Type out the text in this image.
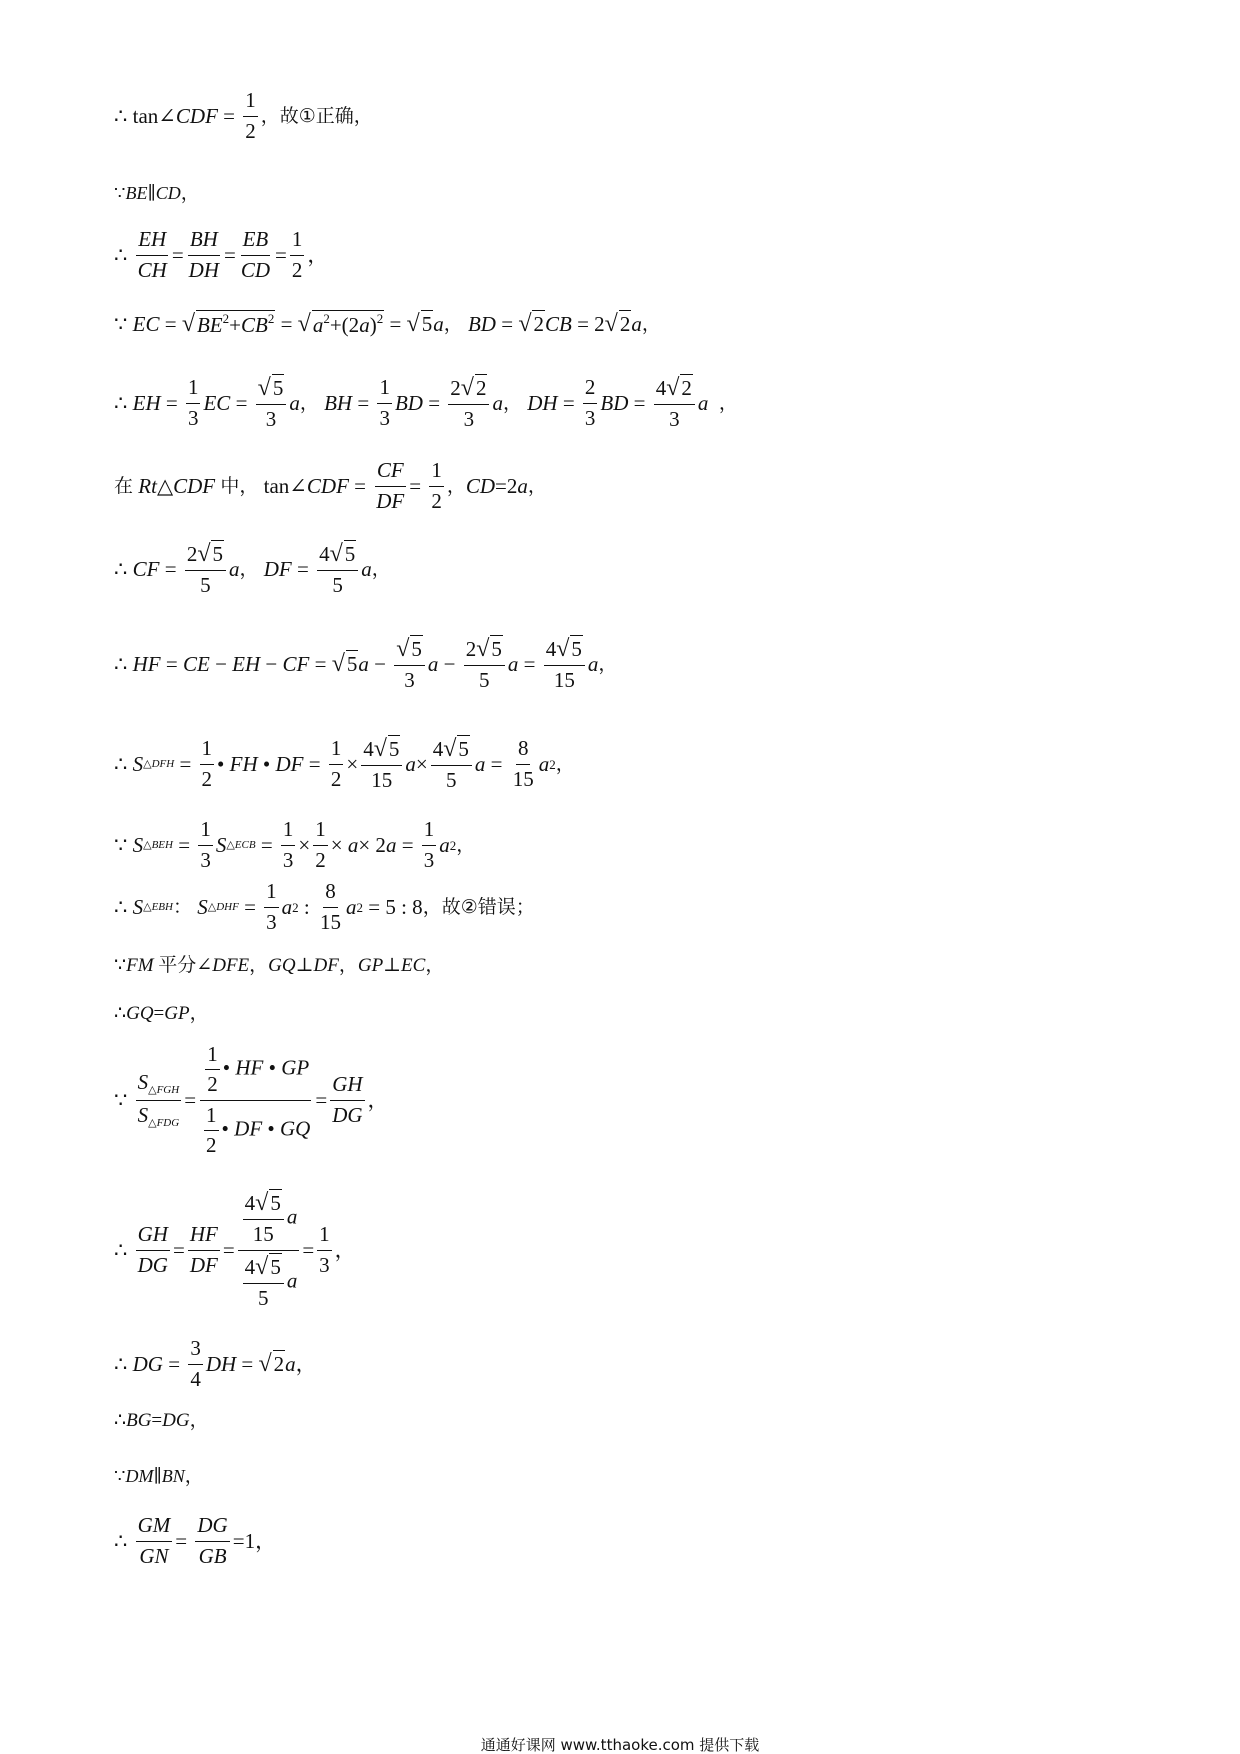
∴
tan ∠ CDF =
1
2
， 故①正确 ，
∵ BE ∥ CD ，
∴

EH
CH
=
BH
DH
=
EB
CD
=
1
2
，
∵
EC = √ $BE^2+CB^2$ = √ $a^2+(2a)^2$ = √ 5 a ，
BD = √ 2 CB = 2 √ 2 a ，
∴
EH =
1
3
EC =
√5
3
a ，
BH =
1
3
BD =
2√2
3
a ，
DH =
2
3
BD =
4√2
3
a
，
在
Rt △ CDF
中 ，
tan ∠ CDF =
CF
DF
=
1
2
， CD =2 a ，
∴
CF =
2√5
5
a ，
DF =
4√5
5
a ，
∴
HF = CE − EH − CF = √ 5 a −
√5
3
a −
2√5
5
a =
4√5
15
a ，
∴
S △DFH =
1
2
• FH • DF =
1
2
×
4√5
15
a ×
4√5
5
a =
8
15
a 2 ，
∵
S △BEH =
1
3
S △ECB =
1
3
×
1
2
× a × 2 a =
1
3
a 2 ，
∴
S △EBH ：
S △DHF =
1
3
a 2 :
8
15
a 2 = 5 : 8 ， 故②错误 ；
∵ FM
平分 ∠ DFE ， GQ ⊥ DF ， GP ⊥ EC ，
∴ GQ = GP ，
∵

S△FGH
S△FDG
=
$\frac{1}{2}$ • HF • GP
$\frac{1}{2}$ • DF • GQ
=
GH
DG
，
∴

GH
DG
=
HF
DF
=
$\frac{4√5}{15}$ a
$\frac{4√5}{5}$ a
=
1
3
，
∴
DG =
3
4
DH = √ 2 a ，
∴ BG = DG ，
∵ DM ∥ BN ，
∴

GM
GN
=
DG
GB
=1 ，
通通好课网 www.tthaoke.com 提供下载
